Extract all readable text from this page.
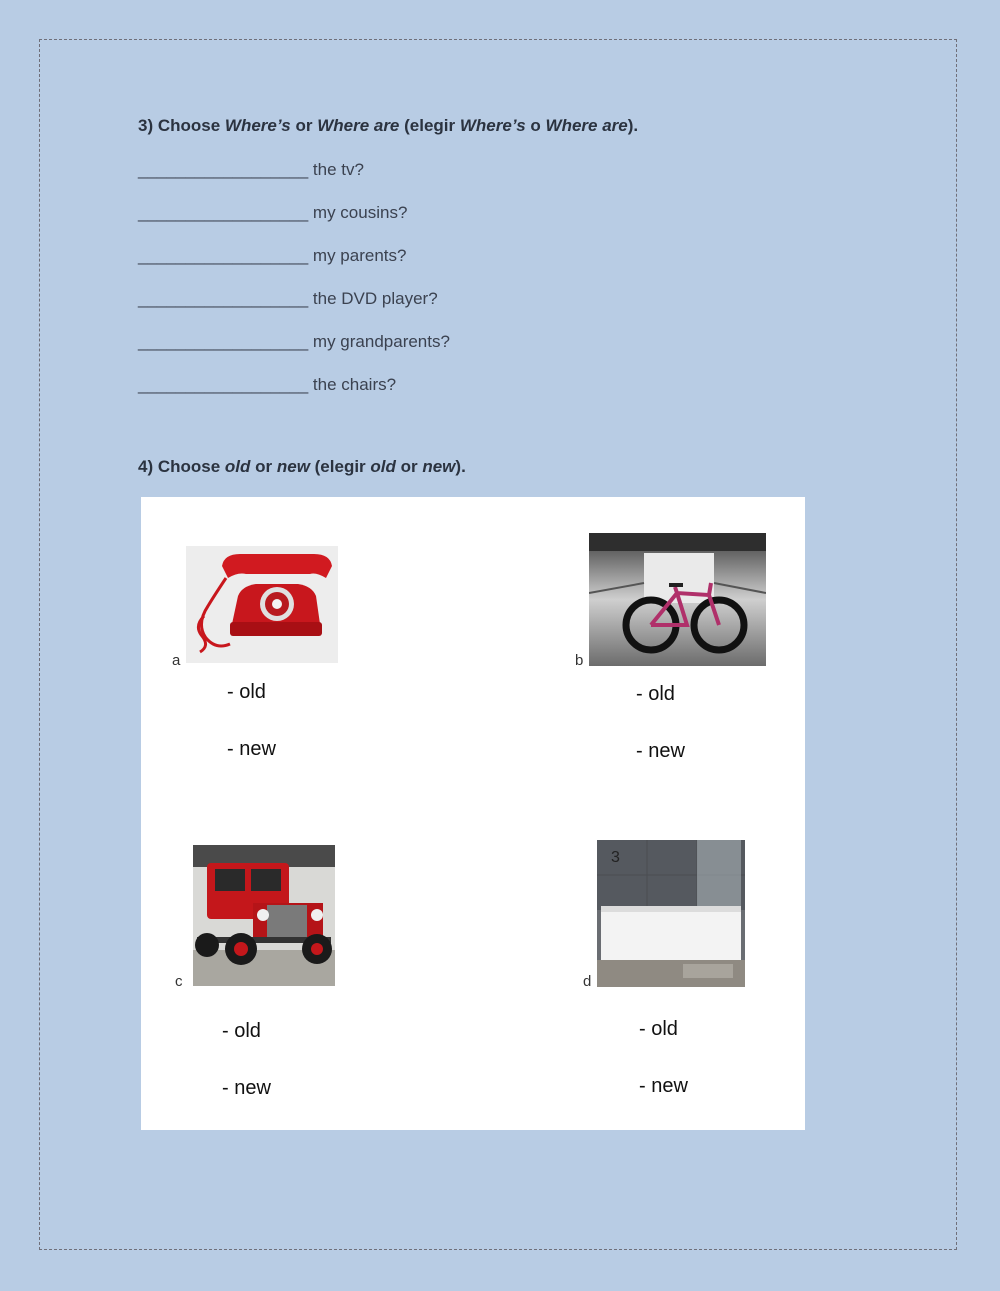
3) Choose Where’s or Where are (elegir Where’s o Where are).
__________________ the tv?
__________________ my cousins?
__________________ my parents?
__________________ the DVD player?
__________________ my grandparents?
__________________ the chairs?
4) Choose old or new (elegir old or new).
a
- old
- new
b
- old
- new
c
- old
- new
3
d
- old
- new
